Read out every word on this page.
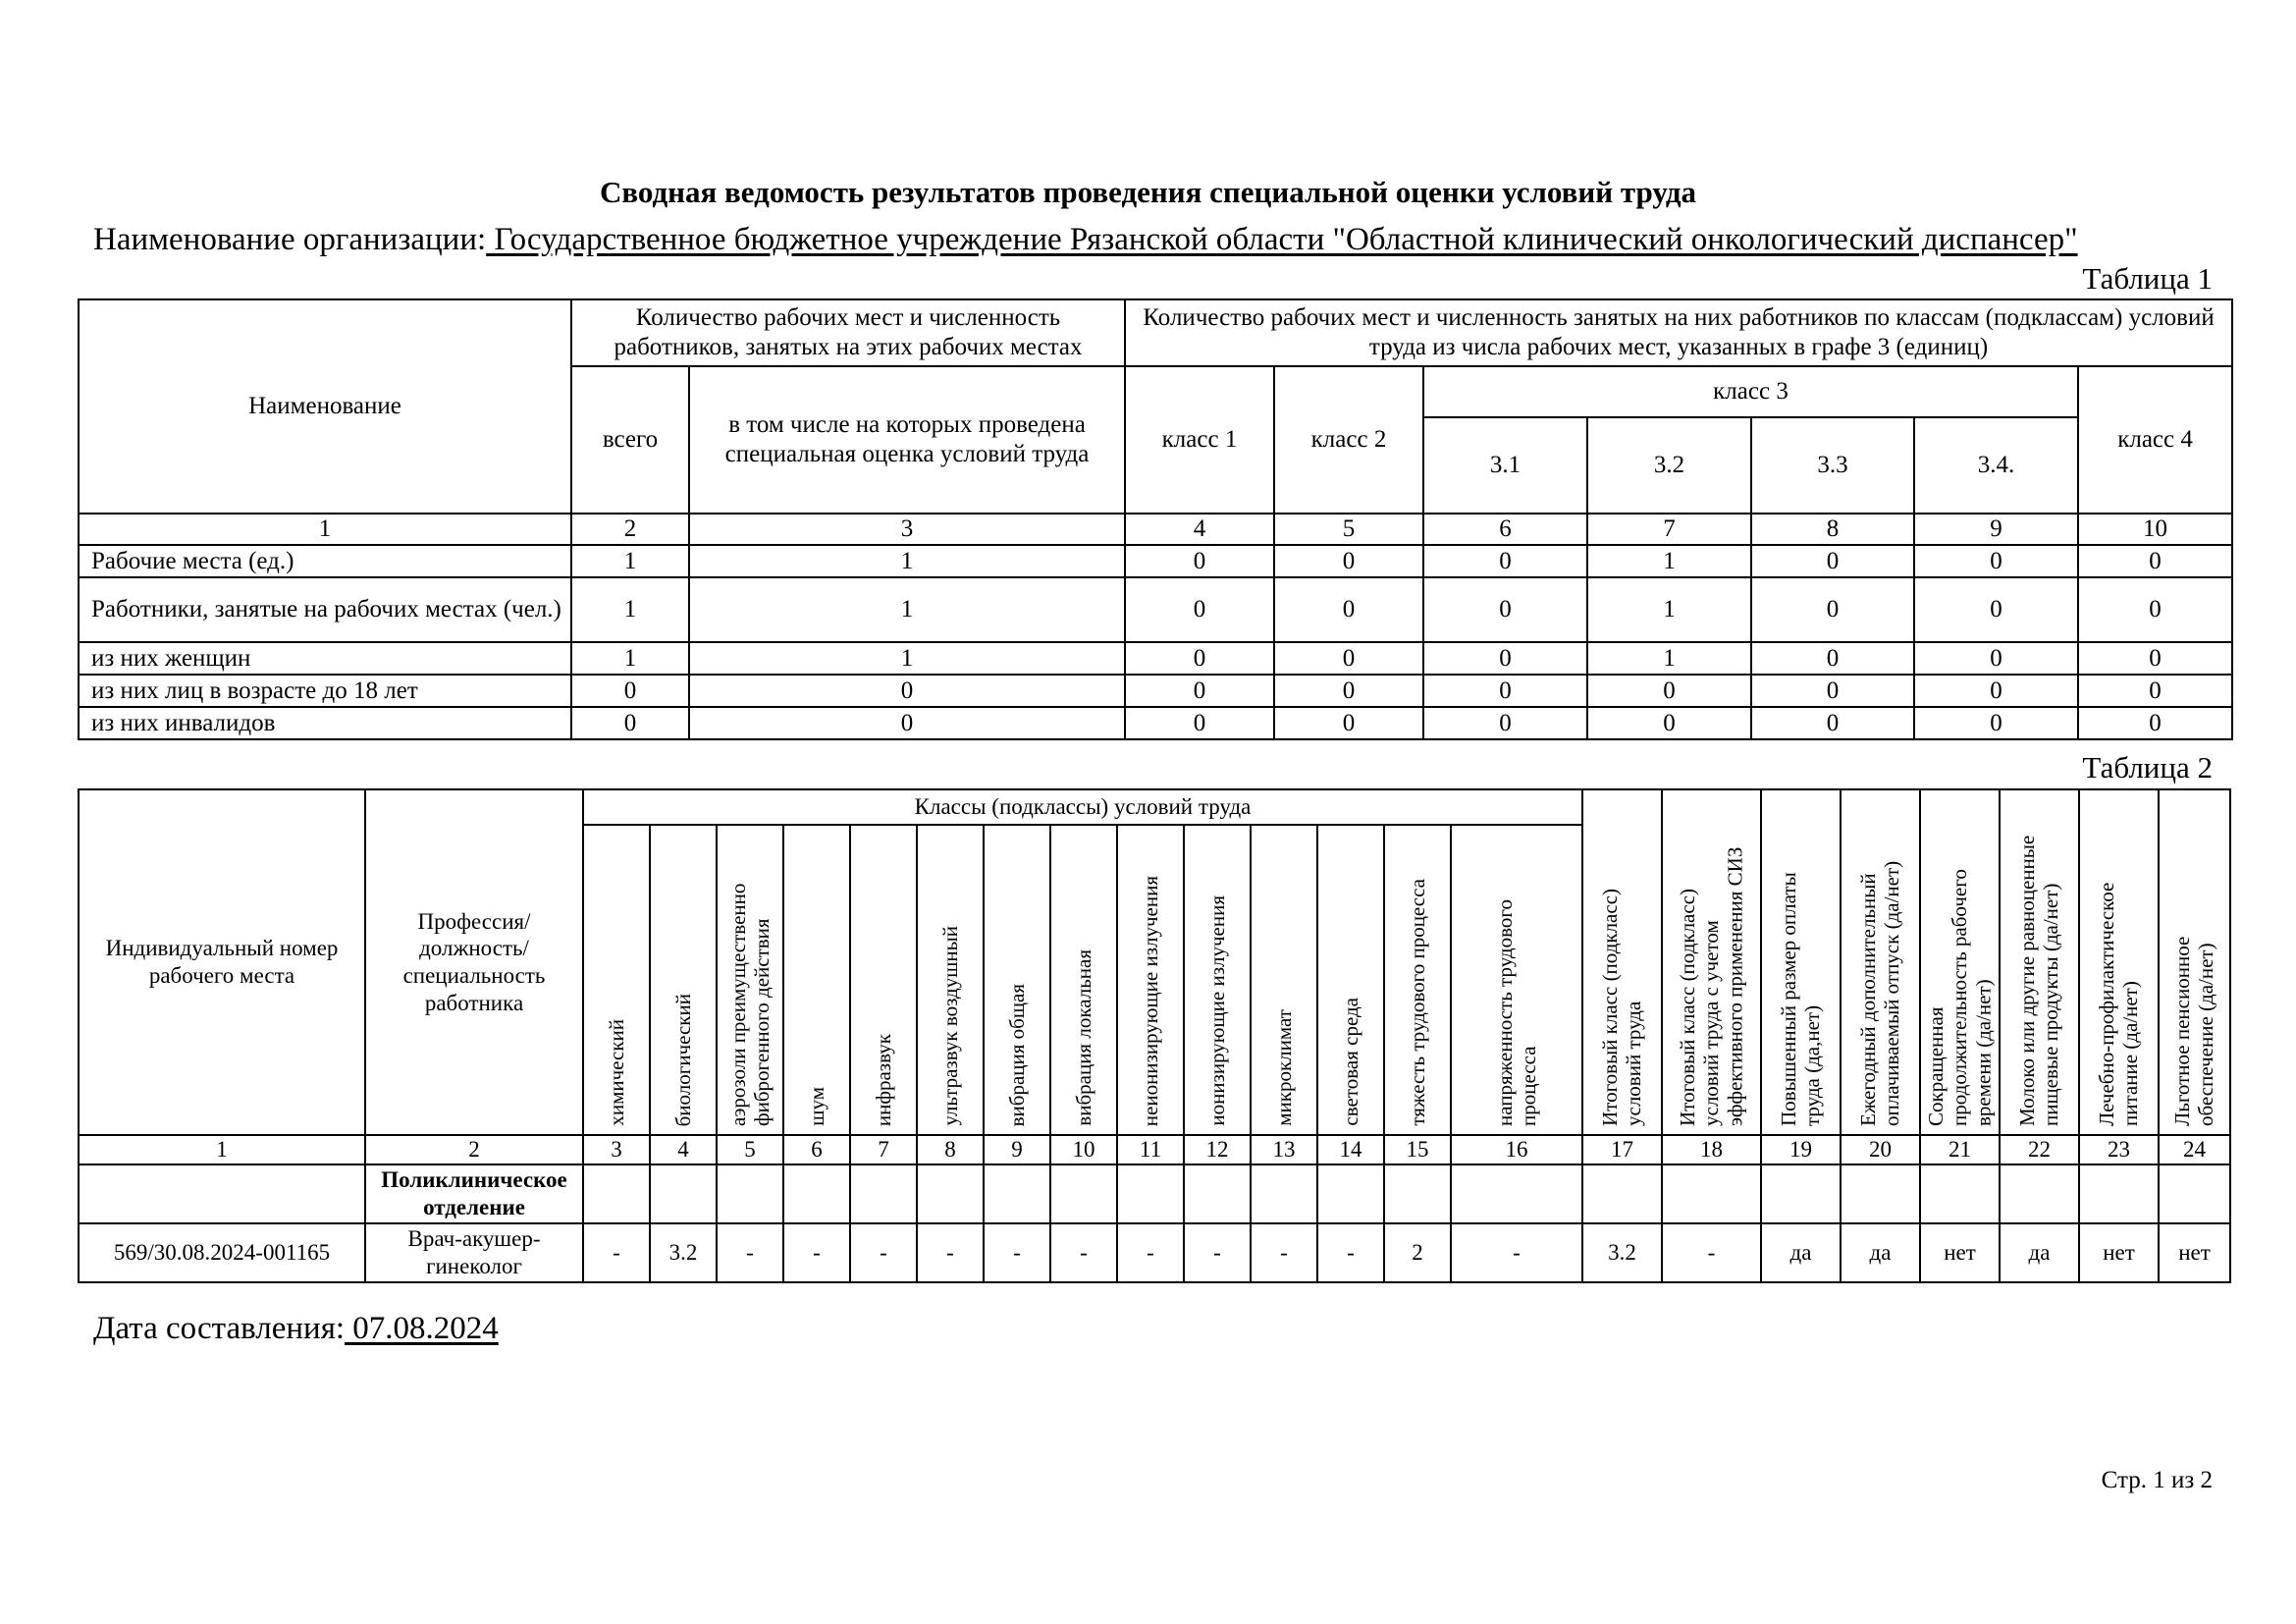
Сводная ведомость результатов проведения специальной оценки условий труда
Наименование организации: Государственное бюджетное учреждение Рязанской области "Областной клинический онкологический диспансер"
Таблица 1
Наименование	Количество рабочих мест и численность работников, занятых на этих рабочих местах		Количество рабочих мест и численность занятых на них работников по классам (подклассам) условий труда из числа рабочих мест, указанных в графе 3 (единиц)						
	всего	в том числе на которых проведена специальная оценка условий труда	класс 1	класс 2	класс 3				класс 4
					3.1	3.2	3.3	3.4.	
1	2	3	4	5	6	7	8	9	10
Рабочие места (ед.)	1	1	0	0	0	1	0	0	0
Работники, занятые на рабочих местах (чел.)	1	1	0	0	0	1	0	0	0
из них женщин	1	1	0	0	0	1	0	0	0
из них лиц в возрасте до 18 лет	0	0	0	0	0	0	0	0	0
из них инвалидов	0	0	0	0	0	0	0	0	0
Таблица 2
Индивидуальный номер рабочего места	Профессия/ должность/ специальность работника	Классы (подклассы) условий труда														Итоговый класс (подкласс) условий труда	Итоговый класс (подкласс) условий труда с учетом эффективного применения СИЗ	Повышенный размер оплаты труда (да,нет)	Ежегодный дополнительный оплачиваемый отпуск (да/нет)	Сокращенная продолжительность рабочего времени (да/нет)	Молоко или другие равноценные пищевые продукты (да/нет)	Лечебно-профилактическое питание (да/нет)	Льготное пенсионное обеспечение (да/нет)

		химический	биологический	аэрозоли преимущественно фиброгенного действия	шум	инфразвук	ультразвук воздушный	вибрация общая	вибрация локальная	неионизирующие излучения	ионизирующие излучения	микроклимат	световая среда	тяжесть трудового процесса	напряженность трудового процесса								

1	2	3	4	5	6	7	8	9	10	11	12	13	14	15	16	17	18	19	20	21	22	23	24
	Поликлиническое отделение																						
569/30.08.2024-001165	Врач-акушер-гинеколог	-	3.2	-	-	-	-	-	-	-	-	-	-	2	-	3.2	-	да	да	нет	да	нет	нет
Дата составления: 07.08.2024
Стр. 1 из 2
